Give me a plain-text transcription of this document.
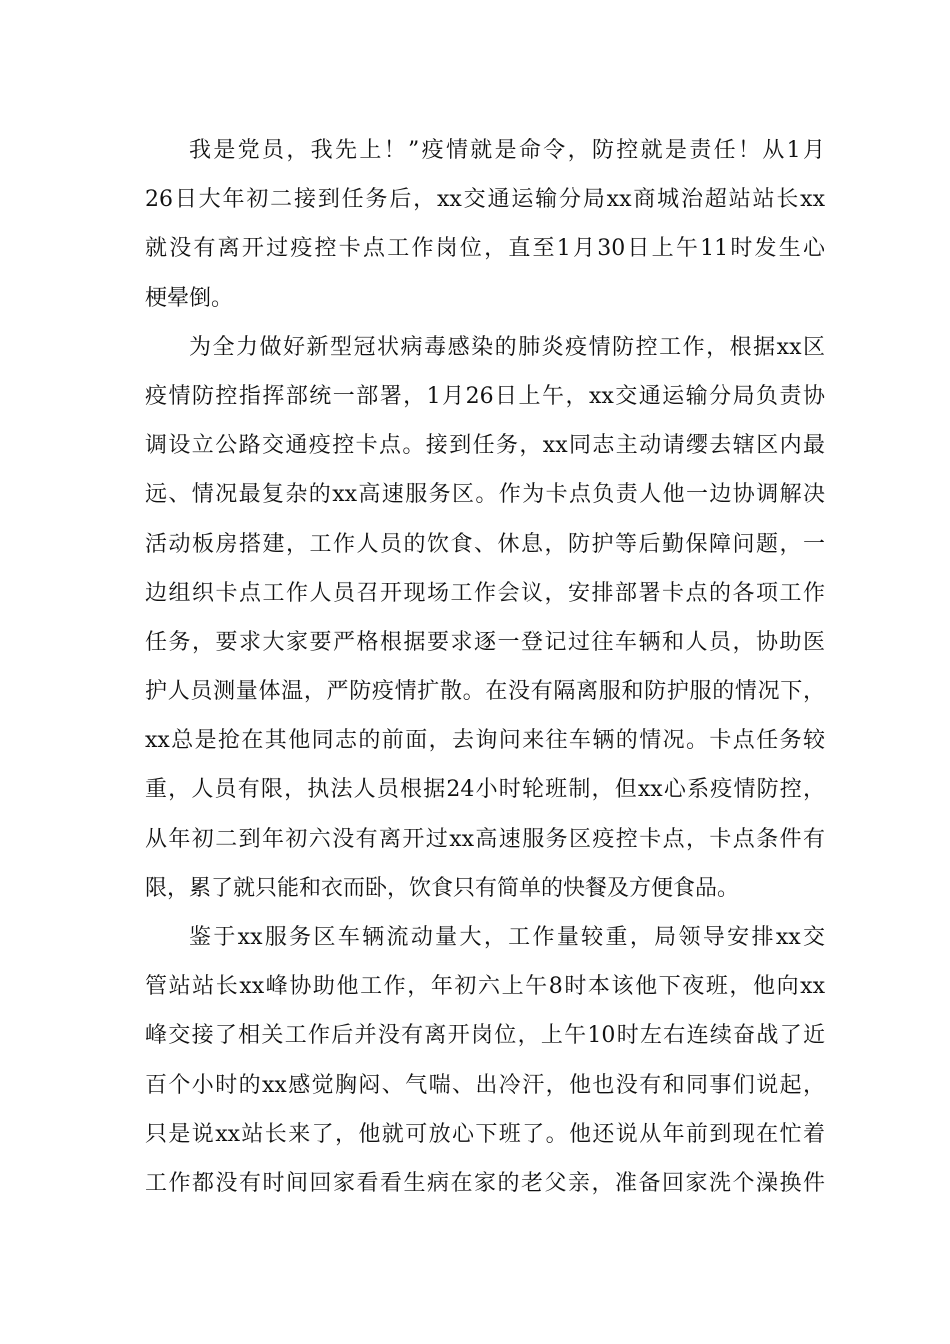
我是党员，我先上！”疫情就是命令，防控就是责任！从1月
26日大年初二接到任务后，xx交通运输分局xx商城治超站站长xx
就没有离开过疫控卡点工作岗位，直至1月30日上午11时发生心
梗晕倒。
为全力做好新型冠状病毒感染的肺炎疫情防控工作，根据xx区
疫情防控指挥部统一部署，1月26日上午，xx交通运输分局负责协
调设立公路交通疫控卡点。接到任务，xx同志主动请缨去辖区内最
远、情况最复杂的xx高速服务区。作为卡点负责人他一边协调解决
活动板房搭建，工作人员的饮食、休息，防护等后勤保障问题，一
边组织卡点工作人员召开现场工作会议，安排部署卡点的各项工作
任务，要求大家要严格根据要求逐一登记过往车辆和人员，协助医
护人员测量体温，严防疫情扩散。在没有隔离服和防护服的情况下，
xx总是抢在其他同志的前面，去询问来往车辆的情况。卡点任务较
重，人员有限，执法人员根据24小时轮班制，但xx心系疫情防控，
从年初二到年初六没有离开过xx高速服务区疫控卡点，卡点条件有
限，累了就只能和衣而卧，饮食只有简单的快餐及方便食品。
鉴于xx服务区车辆流动量大，工作量较重，局领导安排xx交
管站站长xx峰协助他工作，年初六上午8时本该他下夜班，他向xx
峰交接了相关工作后并没有离开岗位，上午10时左右连续奋战了近
百个小时的xx感觉胸闷、气喘、出冷汗，他也没有和同事们说起，
只是说xx站长来了，他就可放心下班了。他还说从年前到现在忙着
工作都没有时间回家看看生病在家的老父亲，准备回家洗个澡换件
